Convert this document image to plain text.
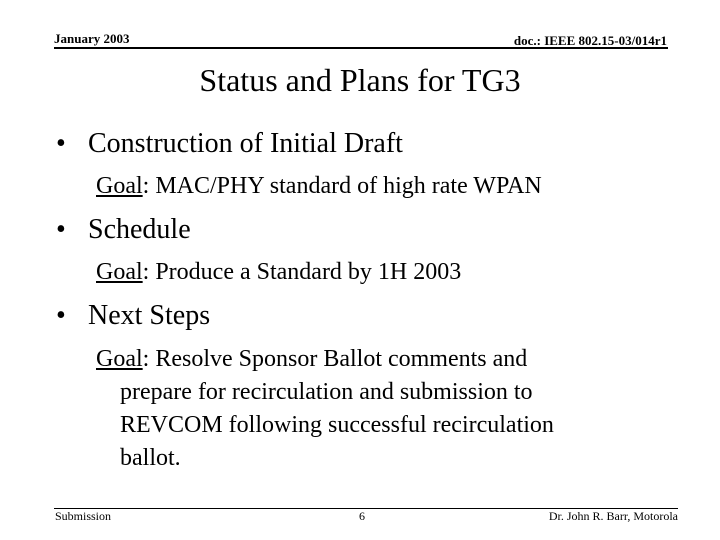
January 2003	doc.: IEEE 802.15-03/014r1
Status and Plans for TG3
• Construction of Initial Draft
Goal: MAC/PHY standard of high rate WPAN
• Schedule
Goal: Produce a Standard by 1H 2003
• Next Steps
Goal: Resolve Sponsor Ballot comments and
prepare for recirculation and submission to
REVCOM following successful recirculation
ballot.
Submission	6	Dr. John R. Barr, Motorola
